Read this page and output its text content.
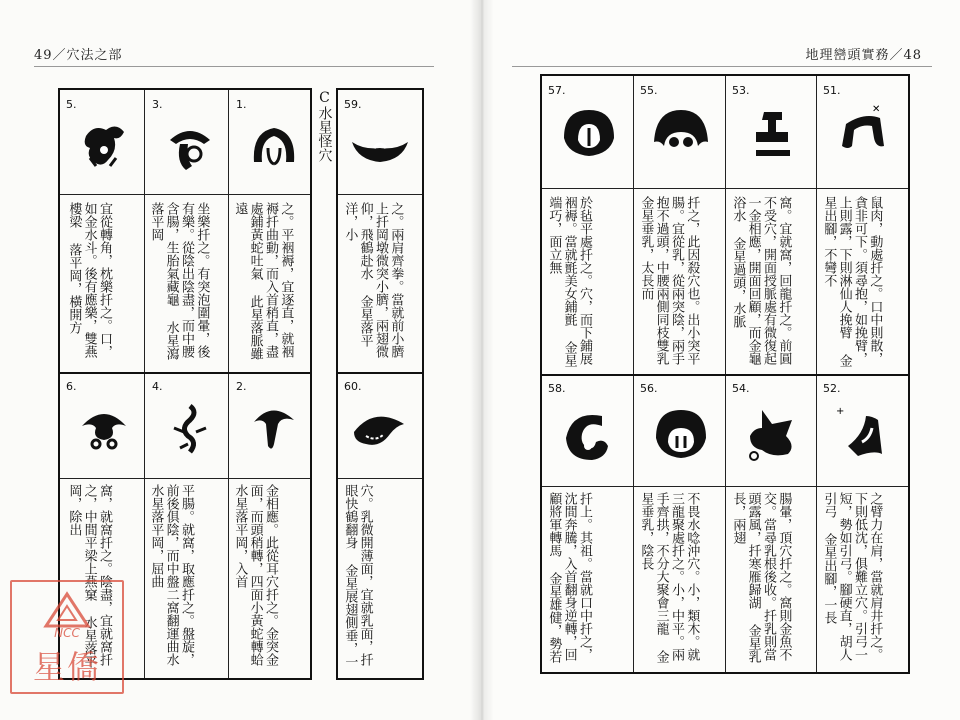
49／穴法之部
5.	3.	1.
宜從轉角，枕樂扦之。口，如金水斗。後有應樂，雙燕樓梁 落平岡，橫開方	坐樂扦之。有突泡圍暈，後有樂。從陰出陰盡，而中腰含腸，生胎氣藏龜 水星瀉落平岡	之。平裀褥，宜逐直，就裀褥扦曲動，而入首稍直，盡處鋪黃蛇吐氣 此星落脈雖遠
6.	4.	2.
窩，就窩扦之。陰盡，宜就窩扦之，中間平梁上燕窠 水星落平岡，除出	平腸。就窩，取應扦之。盤旋，前後俱陰，而中盤二窩翻運曲水 水星落平岡，屈曲	金相應。此從耳穴扦之。金突金面，而頭稍轉，四面小黃蛇轉蛤 水星落平岡，入首
C水星怪穴 59.
之。兩肩齊拳。當就前小臍上扦岡墩微突小臍，兩翅微仰，飛鶴赴水 金星落平洋，小
60.
穴。乳微開薄面，宜就乳面，扦眼快鶴翻身 金星展翅側垂，一
地理巒頭實務／48
57.	55.	53.	51.
✕
於毡平處扦之。穴，而下鋪展裀褥。當就氈美女鋪氈 金星端巧，面立無	扦之，此因殺穴也。出小突平腸。宜從乳，從兩突陰，兩手抱不過頭，中腰兩側同枝雙乳 金星垂乳，太長而	窩。宜就窩，回龍扦之。前圓不受穴，開面授脈處有微復起一金相應，開面回顧，而金龜浴水 金星過頭，水脈	鼠肉，動處扦之。口中則散，貪非可下。須尋抱，如挽臂，上則露，下則淋仙人挽臂 金星出腳，不彎不
58.	56.	54.	52.
+
扦上。其祖。當就口中扦之，沈間奔騰，入首翻身逆轉，回顧將軍轉馬 金星雄健，勢若	不畏水唸沖穴。小，類木。就三龍聚處扦之。小，中平。兩手齊拱，不分大聚會三龍 金星垂乳，陰長	腸暈，頂穴扦之。窩則金魚不交。當尋乳根後收。扦乳則當頭露風，扦寒雁歸湖 金星乳長，兩翅	之臂力在肩，當就肩井扦之。下則低沈，俱難立穴。引弓一短，勢如引弓。腳硬直，胡人引弓 金星出腳，一長
NCC
星僑
